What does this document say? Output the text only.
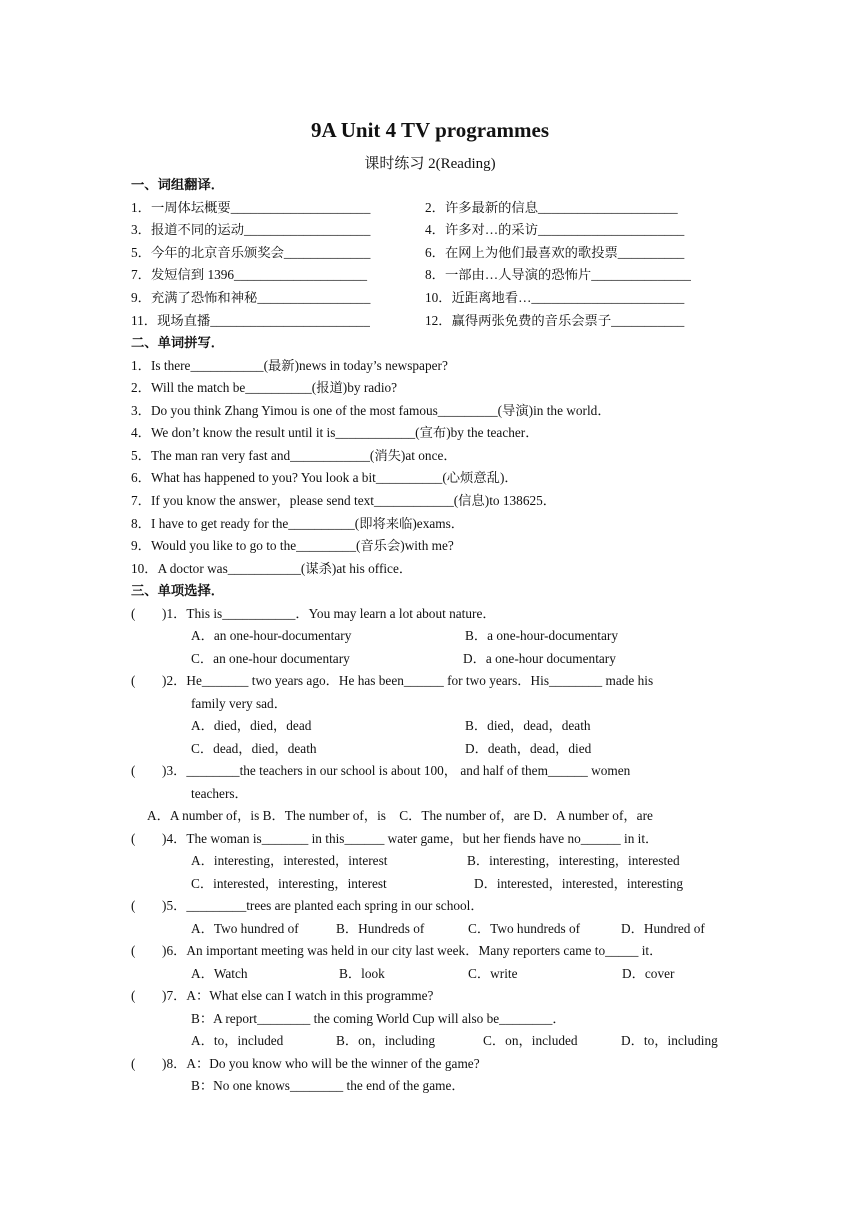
9A Unit 4 TV programmes
课时练习 2(Reading)
一、词组翻译．
1．一周体坛概要_____________________	2．许多最新的信息_____________________
3．报道不同的运动___________________	4．许多对…的采访______________________
5．今年的北京音乐颁奖会_____________	6．在网上为他们最喜欢的歌投票__________
7．发短信到 1396____________________	8．一部由…人导演的恐怖片_______________
9．充满了恐怖和神秘_________________	10．近距离地看…_______________________
11．现场直播________________________	12．赢得两张免费的音乐会票子___________
二、单词拼写．
1．Is there___________(最新)news in today’s newspaper?
2．Will the match be__________(报道)by radio?
3．Do you think Zhang Yimou is one of the most famous_________(导演)in the world．
4．We don’t know the result until it is____________(宣布)by the teacher．
5．The man ran very fast and____________(消失)at once．
6．What has happened to you? You look a bit__________(心烦意乱)．
7．If you know the answer，please send text____________(信息)to 138625．
8．I have to get ready for the__________(即将来临)exams．
9．Would you like to go to the_________(音乐会)with me?
10．A doctor was___________(谋杀)at his office．
三、单项选择．
(　　)1．This is___________．You may learn a lot about nature．
A．an one-hour-documentary	B．a one-hour-documentary
C．an one-hour documentary	D．a one-hour documentary
(　　)2．He_______ two years ago．He has been______ for two years．His________ made his
family very sad．
A．died，died，dead	B．died，dead，death
C．dead，died，death	D．death，dead，died
(　　)3．________the teachers in our school is about 100， and half of them______ women
teachers．
A．A number of，is B．The number of，is　C．The number of，are D．A number of，are
(　　)4．The woman is_______ in this______ water game，but her fiends have no______ in it．
A．interesting，interested，interest	B．interesting，interesting，interested
C．interested，interesting，interest	D．interested，interested，interesting
(　　)5．_________trees are planted each spring in our school．
A．Two hundred of	B．Hundreds of	C．Two hundreds of	D．Hundred of
(　　)6．An important meeting was held in our city last week．Many reporters came to_____ it．
A．Watch	B．look	C．write	D．cover
(　　)7．A：What else can I watch in this programme?
B：A report________ the coming World Cup will also be________．
A．to，included	B．on，including	C．on，included	D．to，including
(　　)8．A：Do you know who will be the winner of the game?
B：No one knows________ the end of the game．
